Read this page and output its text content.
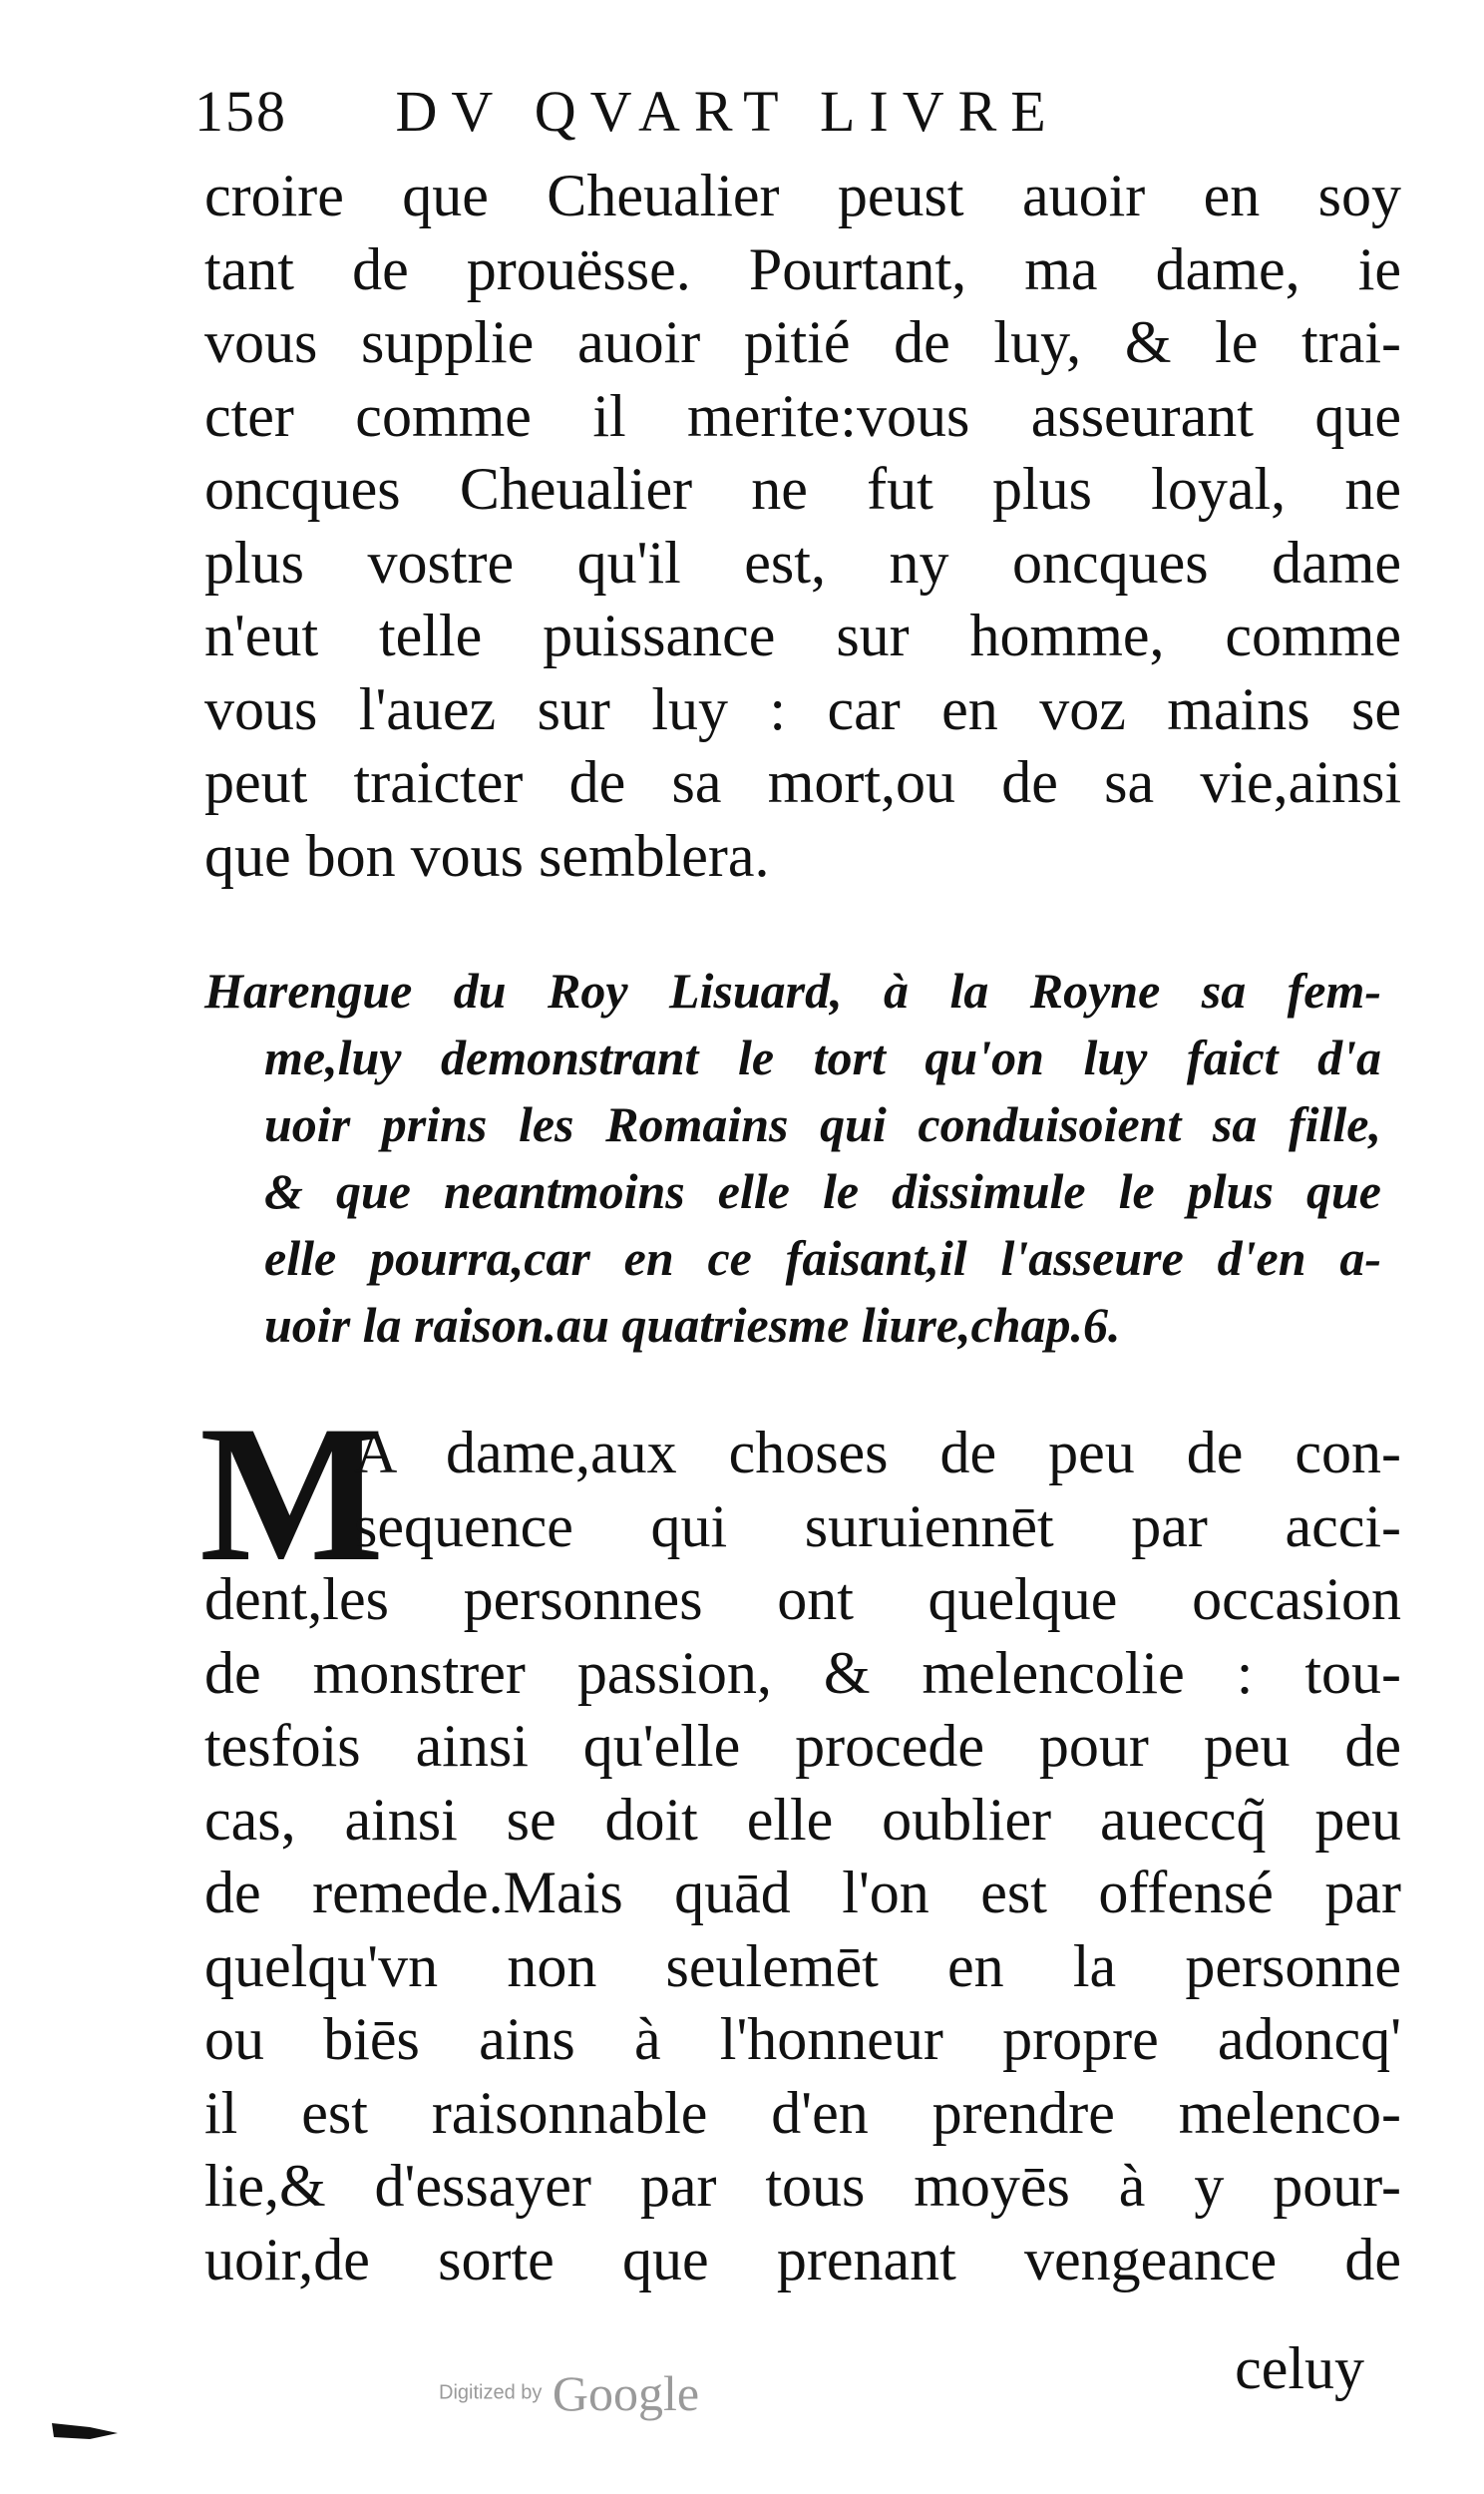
158 DV QVART LIVRE
croire que Cheualier peust auoir en soy
tant de prouësse. Pourtant, ma dame, ie
vous supplie auoir pitié de luy, & le trai-
cter comme il merite:vous asseurant que
oncques Cheualier ne fut plus loyal, ne
plus vostre qu'il est, ny oncques dame
n'eut telle puissance sur homme, comme
vous l'auez sur luy : car en voz mains se
peut traicter de sa mort,ou de sa vie,ainsi
que bon vous semblera.
Harengue du Roy Lisuard, à la Royne sa fem-
me,luy demonstrant le tort qu'on luy faict d'a
uoir prins les Romains qui conduisoient sa fille,
& que neantmoins elle le dissimule le plus que
elle pourra,car en ce faisant,il l'asseure d'en a-
uoir la raison.au quatriesme liure,chap.6.
M
A dame,aux choses de peu de con-
sequence qui suruiennēt par acci-
dent,les personnes ont quelque occasion
de monstrer passion, & melencolie : tou-
tesfois ainsi qu'elle procede pour peu de
cas, ainsi se doit elle oublier aueccq̃ peu
de remede.Mais quād l'on est offensé par
quelqu'vn non seulemēt en la personne
ou biēs ains à l'honneur propre adoncq'
il est raisonnable d'en prendre melenco-
lie,& d'essayer par tous moyēs à y pour-
uoir,de sorte que prenant vengeance de
celuy
Digitized by Google
